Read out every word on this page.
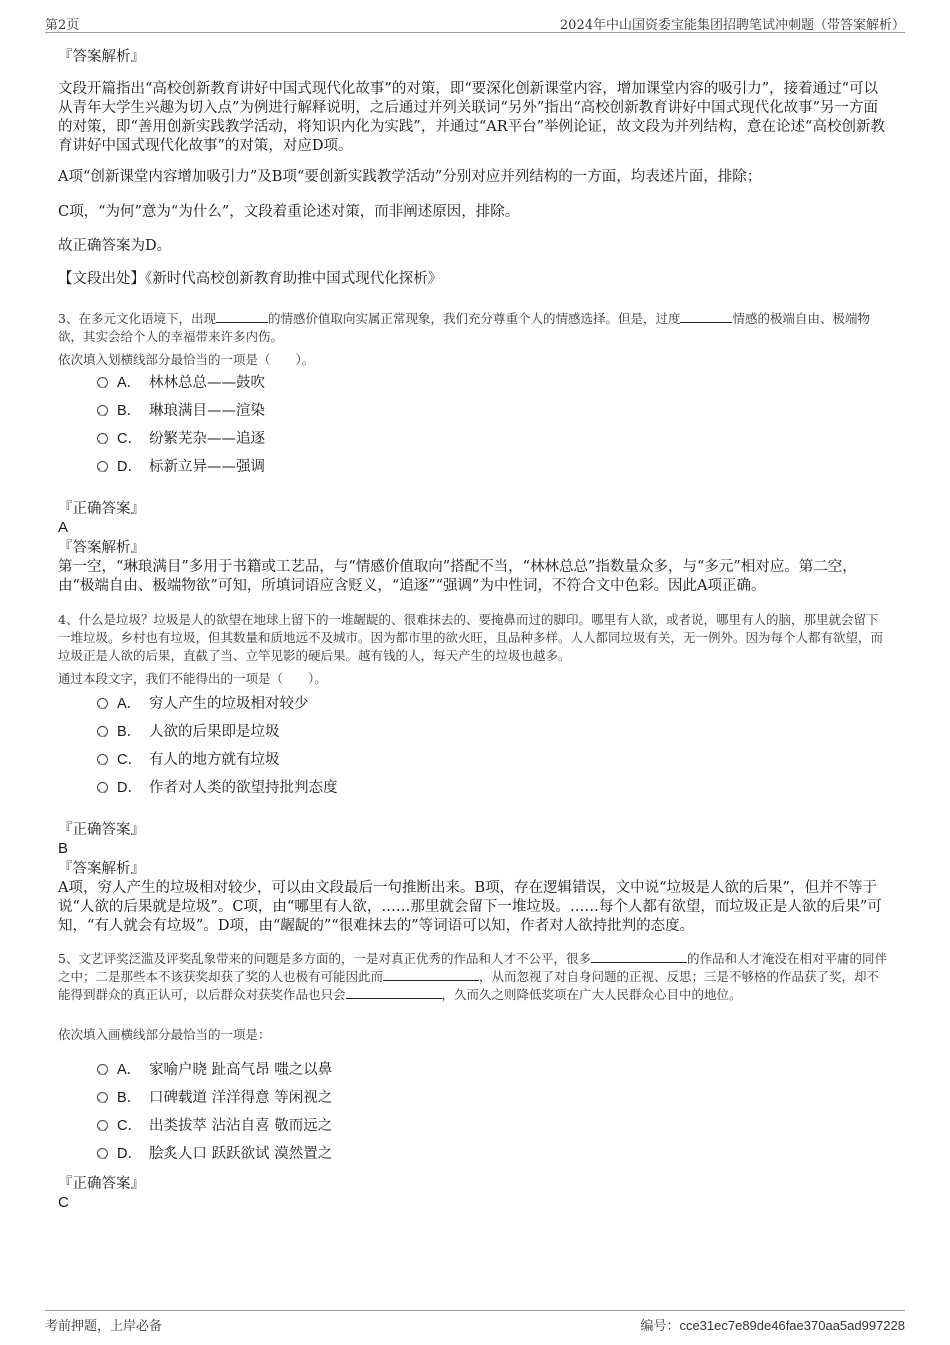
第2页	2024年中山国资委宝能集团招聘笔试冲刺题（带答案解析）
『答案解析』

文段开篇指出“高校创新教育讲好中国式现代化故事”的对策，即“要深化创新课堂内容，增加课堂内容的吸引力”，接着通过“可以从青年大学生兴趣为切入点”为例进行解释说明，之后通过并列关联词“另外”指出“高校创新教育讲好中国式现代化故事”另一方面的对策，即“善用创新实践教学活动，将知识内化为实践”，并通过“AR平台”举例论证，故文段为并列结构，意在论述“高校创新教育讲好中国式现代化故事”的对策，对应D项。

A项“创新课堂内容增加吸引力”及B项“要创新实践教学活动”分别对应并列结构的一方面，均表述片面，排除；

C项，“为何”意为“为什么”，文段着重论述对策，而非阐述原因，排除。

故正确答案为D。

【文段出处】《新时代高校创新教育助推中国式现代化探析》

3、在多元文化语境下，出现	的情感价值取向实属正常现象，我们充分尊重个人的情感选择。但是，过度	情感的极端自由、极端物欲，其实会给个人的幸福带来许多内伤。
依次填入划横线部分最恰当的一项是（　　）。
A． 林林总总——鼓吹
B． 琳琅满目——渲染
C． 纷繁芜杂——追逐
D． 标新立异——强调
『正确答案』
A
『答案解析』

第一空，“琳琅满目”多用于书籍或工艺品，与“情感价值取向”搭配不当，“林林总总”指数量众多，与“多元”相对应。第二空，由“极端自由、极端物欲”可知，所填词语应含贬义，“追逐”“强调”为中性词，不符合文中色彩。因此A项正确。

4、什么是垃圾？垃圾是人的欲望在地球上留下的一堆龌龊的、很难抹去的、要掩鼻而过的脚印。哪里有人欲，或者说，哪里有人的脑，那里就会留下一堆垃圾。乡村也有垃圾，但其数量和质地远不及城市。因为都市里的欲火旺，且品种多样。人人都同垃圾有关，无一例外。因为每个人都有欲望，而垃圾正是人欲的后果，直截了当、立竿见影的硬后果。越有钱的人，每天产生的垃圾也越多。

通过本段文字，我们不能得出的一项是（　　）。
A． 穷人产生的垃圾相对较少
B． 人欲的后果即是垃圾
C． 有人的地方就有垃圾
D． 作者对人类的欲望持批判态度
『正确答案』
B
『答案解析』

A项，穷人产生的垃圾相对较少，可以由文段最后一句推断出来。B项，存在逻辑错误，文中说“垃圾是人欲的后果”，但并不等于说“人欲的后果就是垃圾”。C项，由“哪里有人欲，……那里就会留下一堆垃圾。……每个人都有欲望，而垃圾正是人欲的后果”可知，“有人就会有垃圾”。D项，由“龌龊的”“很难抹去的”等词语可以知，作者对人欲持批判的态度。

5、文艺评奖泛滥及评奖乱象带来的问题是多方面的，一是对真正优秀的作品和人才不公平，很多	的作品和人才淹没在相对平庸的同伴之中；二是那些本不该获奖却获了奖的人也极有可能因此而	，从而忽视了对自身问题的正视、反思；三是不够格的作品获了奖，却不能得到群众的真正认可，以后群众对获奖作品也只会	，久而久之则降低奖项在广大人民群众心目中的地位。
依次填入画横线部分最恰当的一项是：
A． 家喻户晓 趾高气昂 嗤之以鼻
B． 口碑载道 洋洋得意 等闲视之
C． 出类拔萃 沾沾自喜 敬而远之
D． 脍炙人口 跃跃欲试 漠然置之
『正确答案』
C
考前押题，上岸必备	编号：cce31ec7e89de46fae370aa5ad997228
